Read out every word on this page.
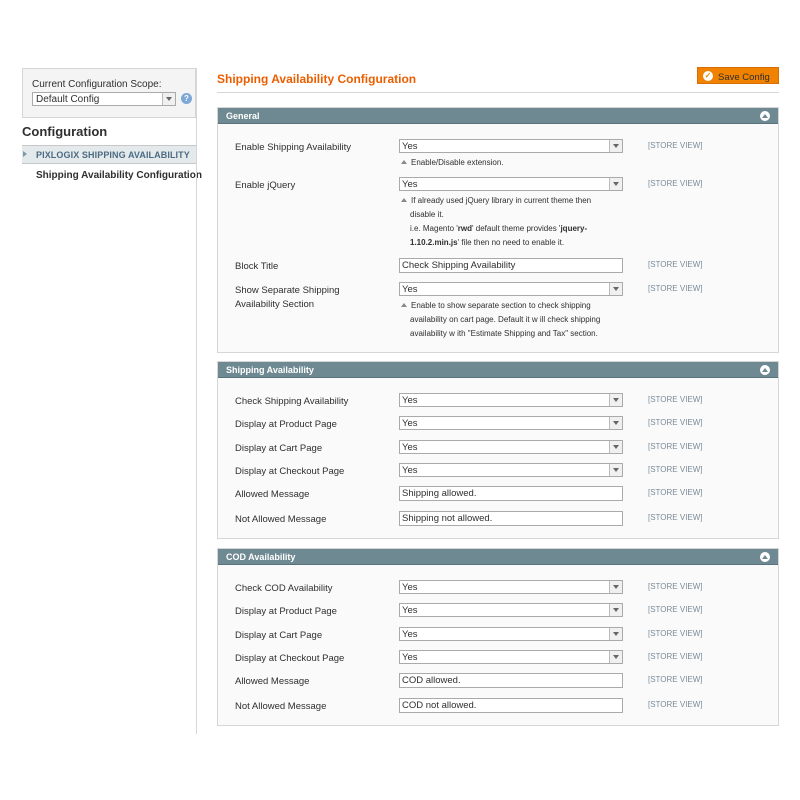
Current Configuration Scope:
Default Config	?
Configuration
PIXLOGIX SHIPPING AVAILABILITY
Shipping Availability Configuration
Shipping Availability Configuration	✓ Save Config
General
Enable Shipping Availability	Yes	[STORE VIEW]

Enable/Disable extension.

Enable jQuery	Yes	[STORE VIEW]

If already used jQuery library in current theme then

disable it.

i.e. Magento 'rwd' default theme provides 'jquery-

1.10.2.min.js' file then no need to enable it.

Block Title	Check Shipping Availability	[STORE VIEW]
Show Separate Shipping
Availability Section
Yes	[STORE VIEW]

Enable to show separate section to check shipping

availability on cart page. Default it w ill check shipping

availability w ith "Estimate Shipping and Tax" section.

Shipping Availability
Check Shipping Availability	Yes	[STORE VIEW]
Display at Product Page	Yes	[STORE VIEW]
Display at Cart Page	Yes	[STORE VIEW]
Display at Checkout Page	Yes	[STORE VIEW]
Allowed Message	Shipping allowed.	[STORE VIEW]
Not Allowed Message	Shipping not allowed.	[STORE VIEW]
COD Availability
Check COD Availability	Yes	[STORE VIEW]
Display at Product Page	Yes	[STORE VIEW]
Display at Cart Page	Yes	[STORE VIEW]
Display at Checkout Page	Yes	[STORE VIEW]
Allowed Message	COD allowed.	[STORE VIEW]
Not Allowed Message	COD not allowed.	[STORE VIEW]
